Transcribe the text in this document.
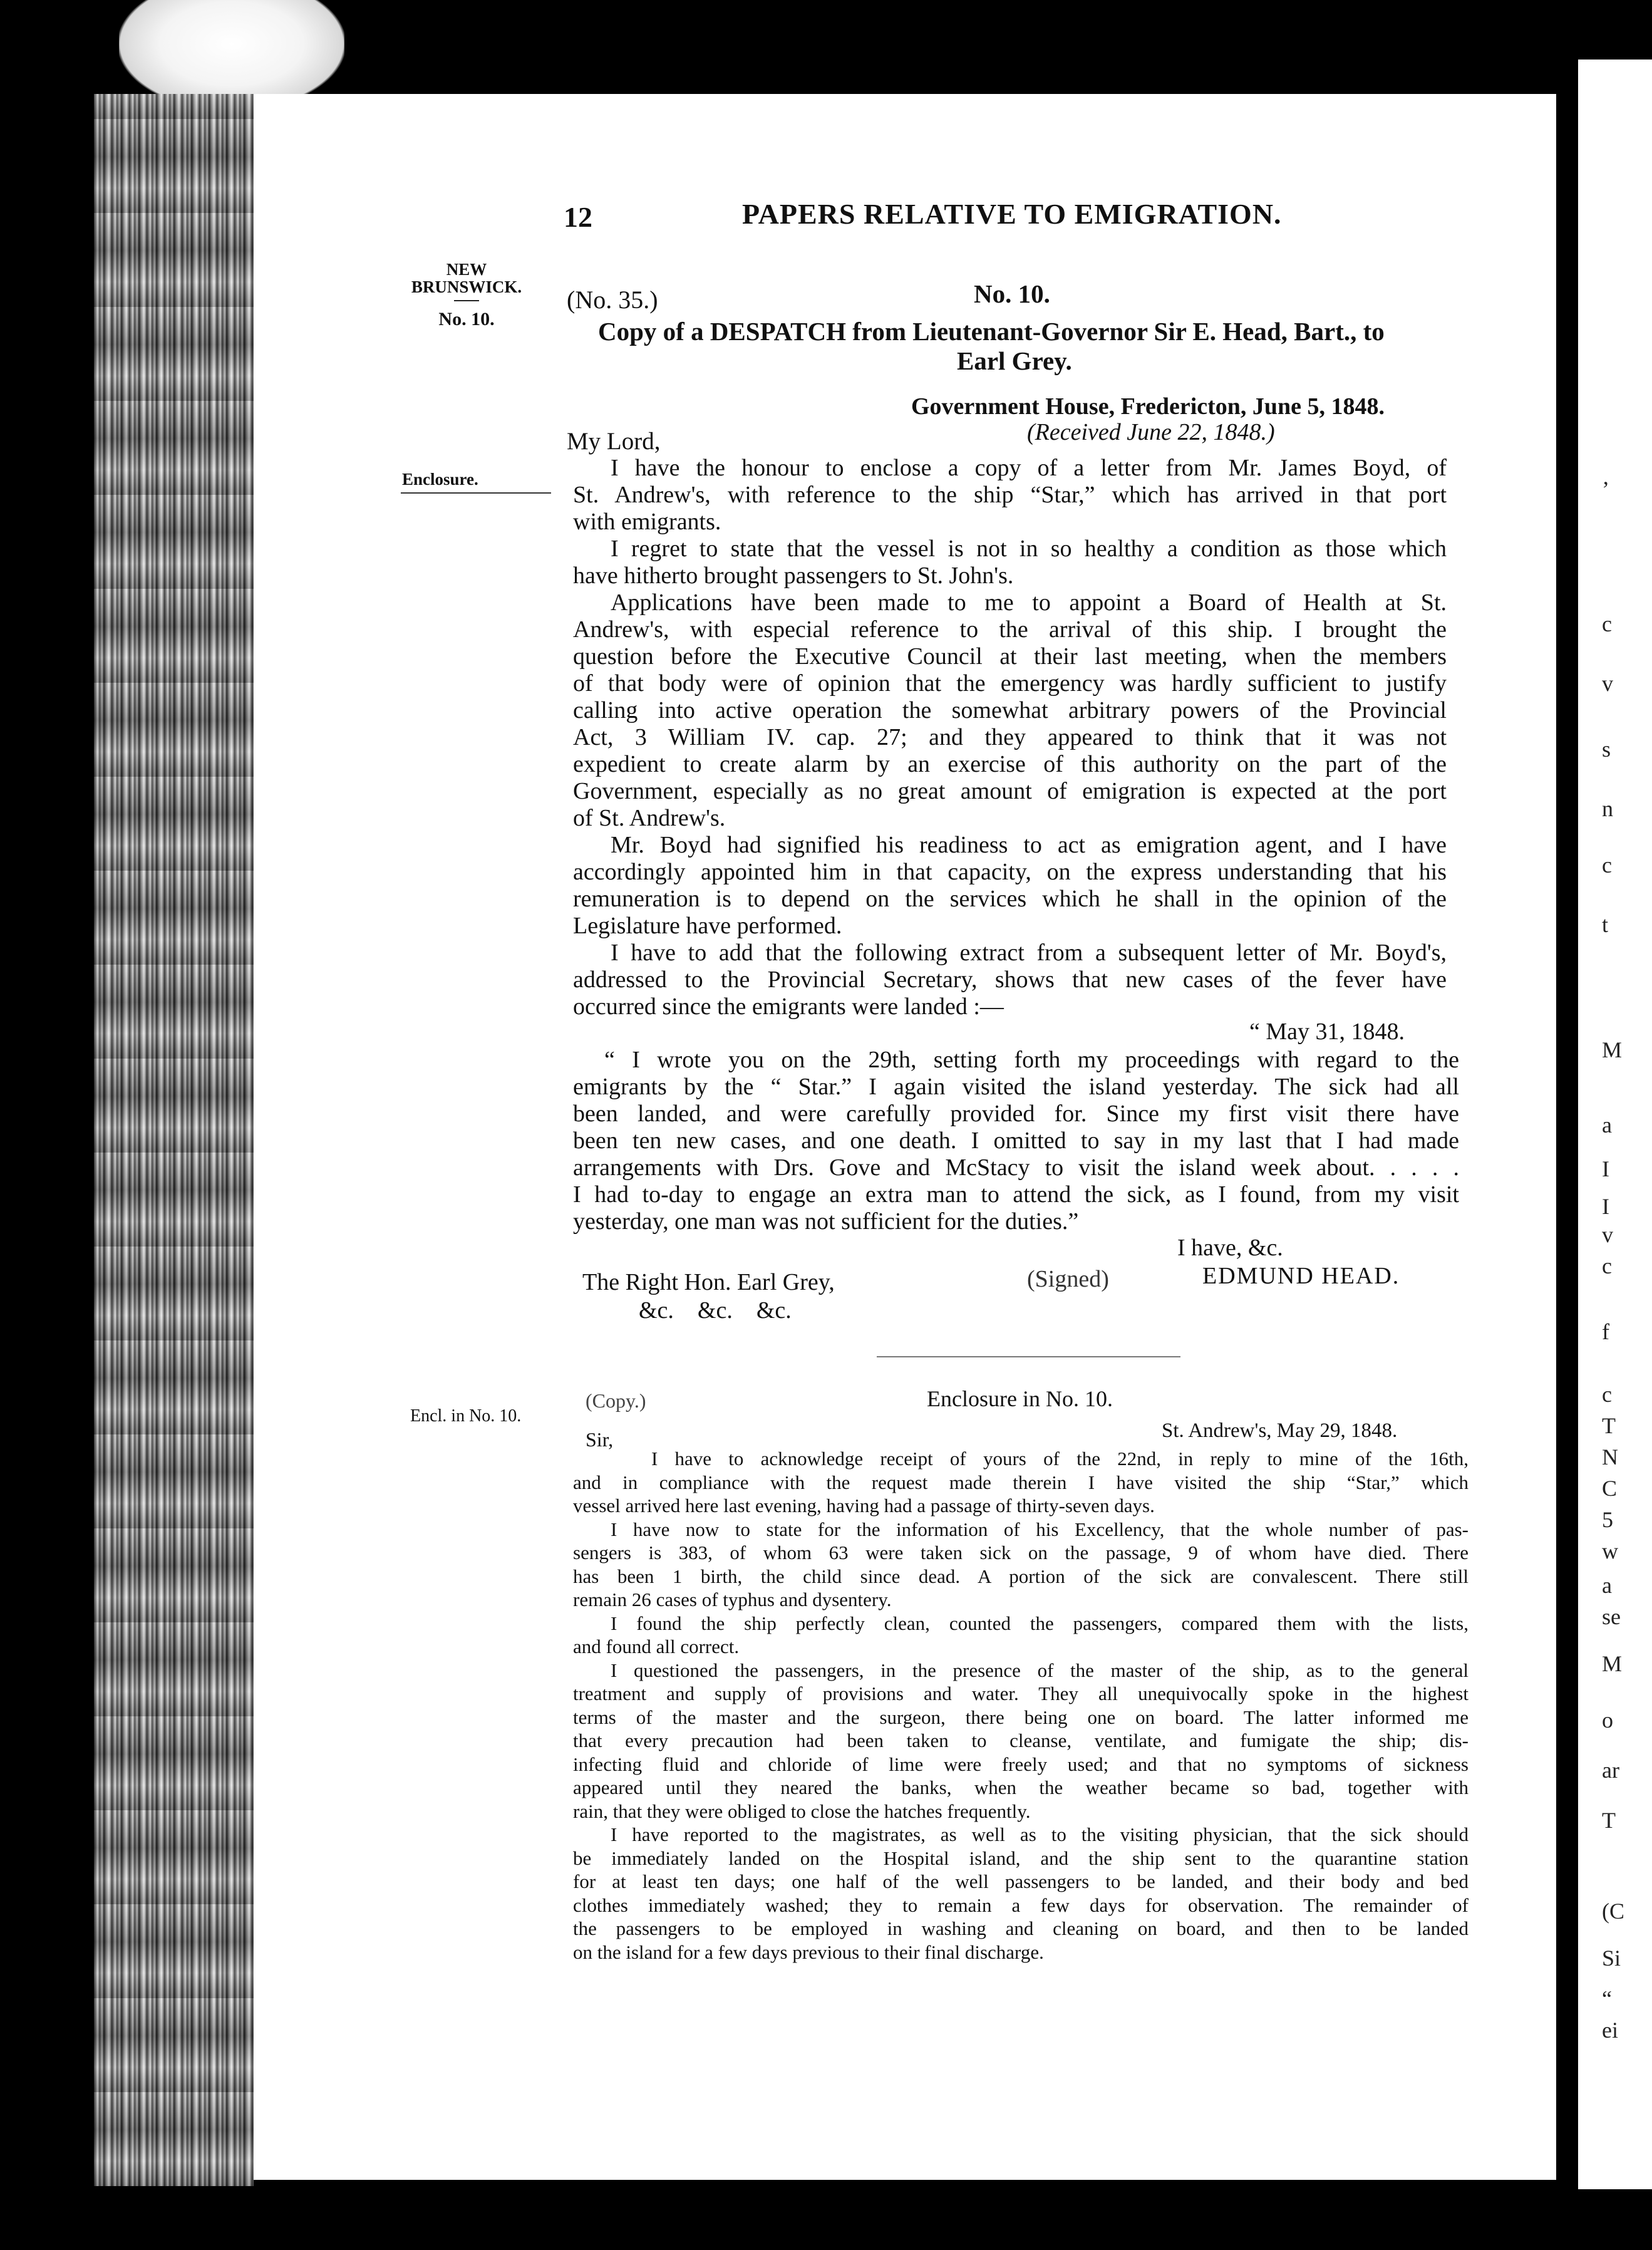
’
c
v
s
n
c
t
M
a
I
I
v
c
f
c
T
N
C
5
w
a
se
M
o
ar
T
(C
Si
“
ei
12	PAPERS RELATIVE TO EMIGRATION.
NEW
BRUNSWICK.
No. 10.
Enclosure.
Encl. in No. 10.
(No. 35.)	No. 10.
Copy of a DESPATCH from Lieutenant-Governor Sir E. Head, Bart., to
Earl Grey.
Government House, Fredericton, June 5, 1848.
(Received June 22, 1848.)
My Lord,
I have the honour to enclose a copy of a letter from Mr. James Boyd, of
St. Andrew's, with reference to the ship “Star,” which has arrived in that port
with emigrants.
I regret to state that the vessel is not in so healthy a condition as those which
have hitherto brought passengers to St. John's.
Applications have been made to me to appoint a Board of Health at St.
Andrew's, with especial reference to the arrival of this ship. I brought the
question before the Executive Council at their last meeting, when the members
of that body were of opinion that the emergency was hardly sufficient to justify
calling into active operation the somewhat arbitrary powers of the Provincial
Act, 3 William IV. cap. 27; and they appeared to think that it was not
expedient to create alarm by an exercise of this authority on the part of the
Government, especially as no great amount of emigration is expected at the port
of St. Andrew's.
Mr. Boyd had signified his readiness to act as emigration agent, and I have
accordingly appointed him in that capacity, on the express understanding that his
remuneration is to depend on the services which he shall in the opinion of the
Legislature have performed.
I have to add that the following extract from a subsequent letter of Mr. Boyd's,
addressed to the Provincial Secretary, shows that new cases of the fever have
occurred since the emigrants were landed :—
“ May 31, 1848.
“ I wrote you on the 29th, setting forth my proceedings with regard to the
emigrants by the “ Star.” I again visited the island yesterday. The sick had all
been landed, and were carefully provided for. Since my first visit there have
been ten new cases, and one death. I omitted to say in my last that I had made
arrangements with Drs. Gove and McStacy to visit the island week about. . . . .
I had to-day to engage an extra man to attend the sick, as I found, from my visit
yesterday, one man was not sufficient for the duties.”
I have, &c.
The Right Hon. Earl Grey,
&c.    &c.    &c.
(Signed)	EDMUND HEAD.
(Copy.)	Enclosure in No. 10.
Sir,	St. Andrew's, May 29, 1848.
I have to acknowledge receipt of yours of the 22nd, in reply to mine of the 16th,
and in compliance with the request made therein I have visited the ship “Star,” which
vessel arrived here last evening, having had a passage of thirty-seven days.
I have now to state for the information of his Excellency, that the whole number of pas-
sengers is 383, of whom 63 were taken sick on the passage, 9 of whom have died. There
has been 1 birth, the child since dead. A portion of the sick are convalescent. There still
remain 26 cases of typhus and dysentery.
I found the ship perfectly clean, counted the passengers, compared them with the lists,
and found all correct.
I questioned the passengers, in the presence of the master of the ship, as to the general
treatment and supply of provisions and water. They all unequivocally spoke in the highest
terms of the master and the surgeon, there being one on board. The latter informed me
that every precaution had been taken to cleanse, ventilate, and fumigate the ship; dis-
infecting fluid and chloride of lime were freely used; and that no symptoms of sickness
appeared until they neared the banks, when the weather became so bad, together with
rain, that they were obliged to close the hatches frequently.
I have reported to the magistrates, as well as to the visiting physician, that the sick should
be immediately landed on the Hospital island, and the ship sent to the quarantine station
for at least ten days; one half of the well passengers to be landed, and their body and bed
clothes immediately washed; they to remain a few days for observation. The remainder of
the passengers to be employed in washing and cleaning on board, and then to be landed
on the island for a few days previous to their final discharge.
